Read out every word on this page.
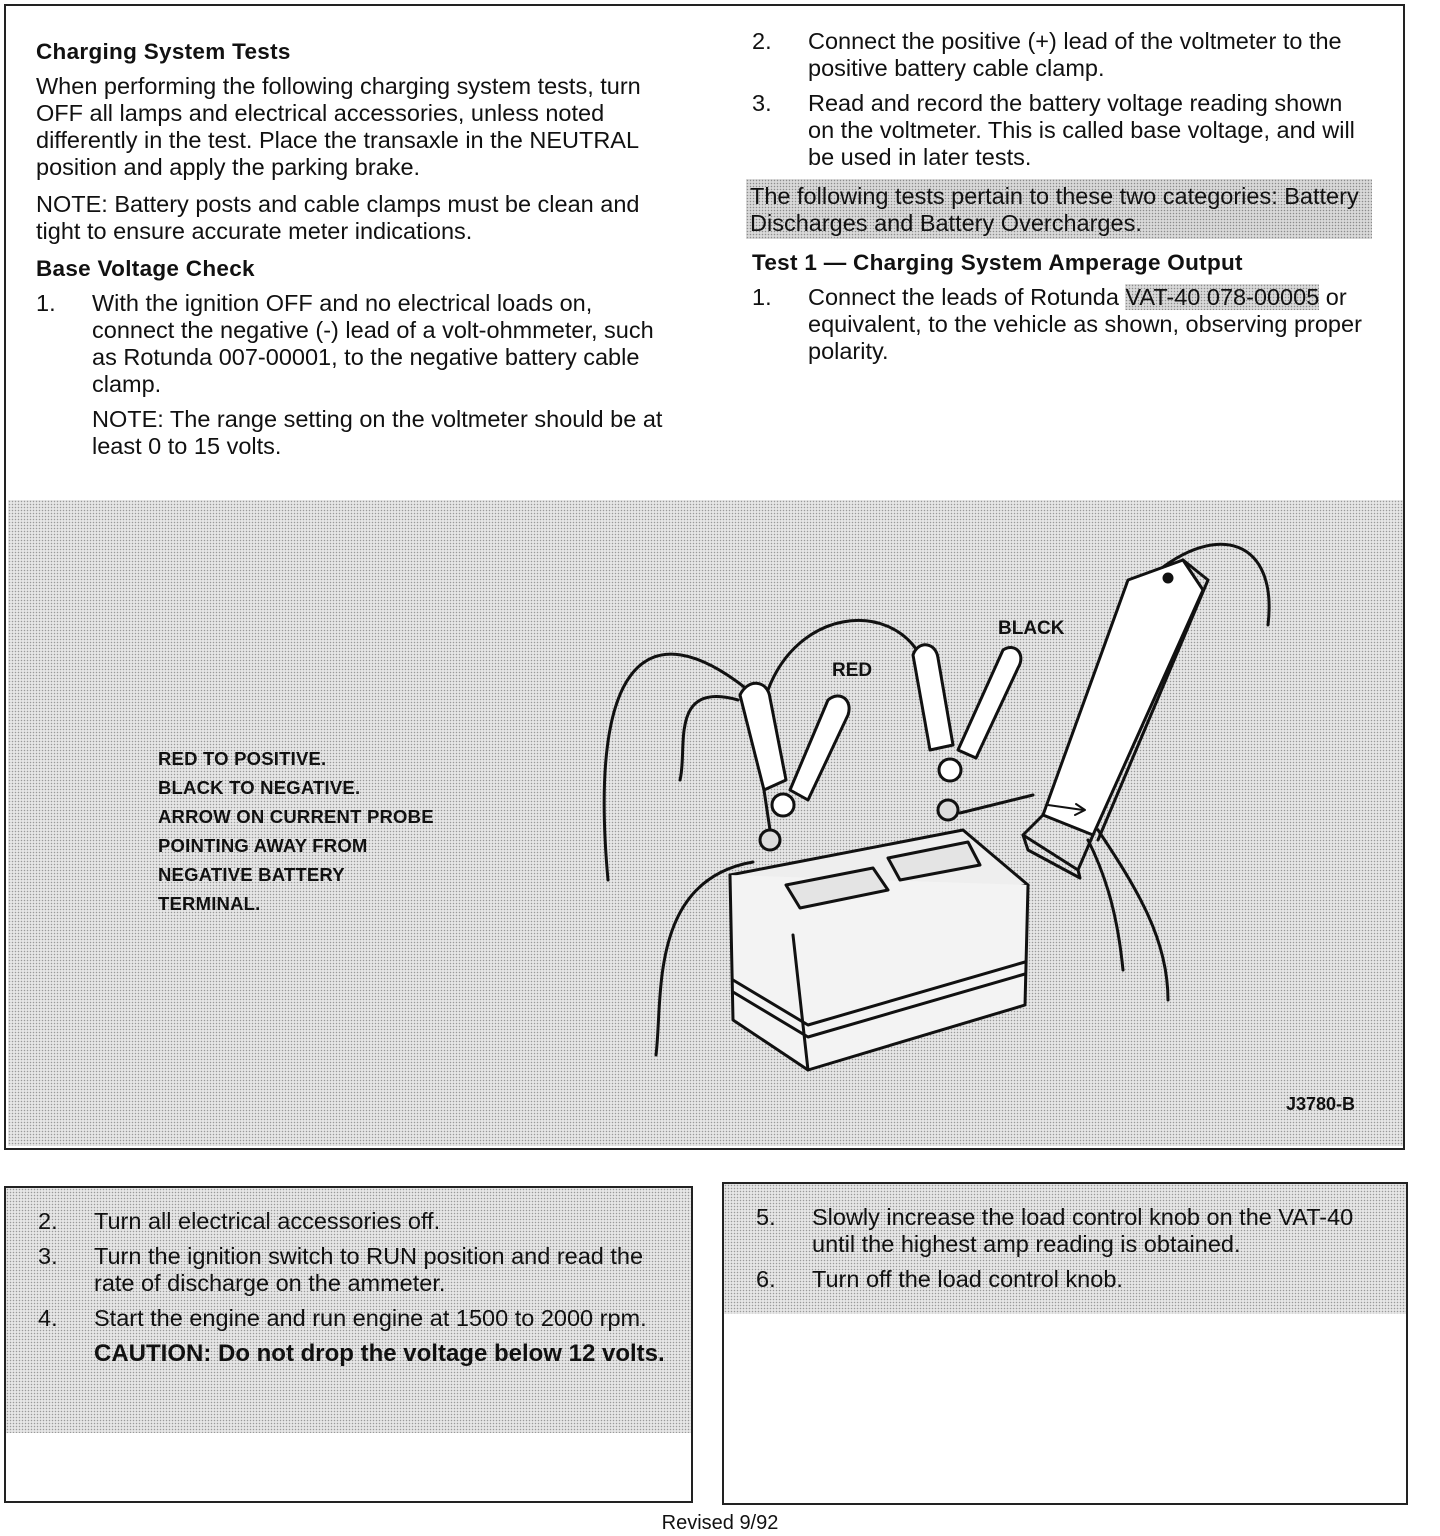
Charging System Tests
When performing the following charging system tests, turn OFF all lamps and electrical accessories, unless noted differently in the test. Place the transaxle in the NEUTRAL position and apply the parking brake.
NOTE: Battery posts and cable clamps must be clean and tight to ensure accurate meter indications.
Base Voltage Check
1.	With the ignition OFF and no electrical loads on, connect the negative (-) lead of a volt-ohmmeter, such as Rotunda 007-00001, to the negative battery cable clamp.
NOTE: The range setting on the voltmeter should be at least 0 to 15 volts.
2.	Connect the positive (+) lead of the voltmeter to the positive battery cable clamp.
3.	Read and record the battery voltage reading shown on the voltmeter. This is called base voltage, and will be used in later tests.
The following tests pertain to these two categories: Battery Discharges and Battery Overcharges.
Test 1 — Charging System Amperage Output
1.	Connect the leads of Rotunda VAT-40 078-00005 or equivalent, to the vehicle as shown, observing proper polarity.
RED
BLACK
RED TO POSITIVE.
BLACK TO NEGATIVE.
ARROW ON CURRENT PROBE
POINTING AWAY FROM
NEGATIVE BATTERY
TERMINAL.
J3780-B
2.	Turn all electrical accessories off.
3.	Turn the ignition switch to RUN position and read the rate of discharge on the ammeter.
4.	Start the engine and run engine at 1500 to 2000 rpm.
CAUTION: Do not drop the voltage below 12 volts.
5.	Slowly increase the load control knob on the VAT-40 until the highest amp reading is obtained.
6.	Turn off the load control knob.
Revised 9/92
